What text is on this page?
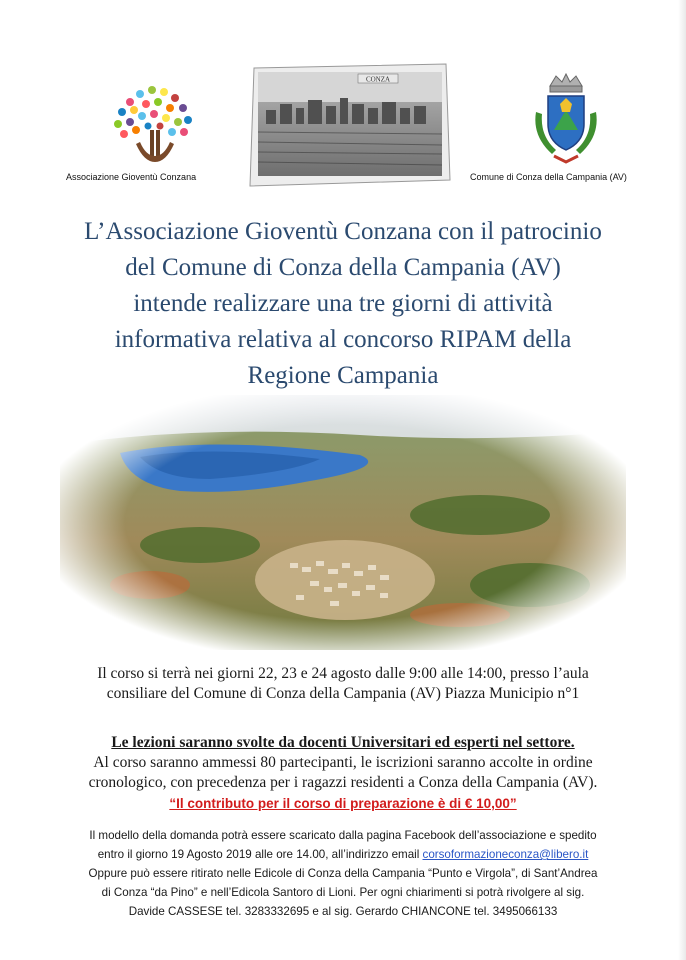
Associazione Gioventù Conzana
CONZA
Comune di Conza della Campania (AV)
L’Associazione Gioventù Conzana con il patrocinio
del Comune di Conza della Campania (AV)
intende realizzare una tre giorni di attività
informativa relativa al concorso RIPAM della
Regione Campania
Il corso si terrà nei giorni 22, 23 e 24 agosto dalle 9:00 alle 14:00, presso l’aula
consiliare del Comune di Conza della Campania (AV) Piazza Municipio n°1
Le lezioni saranno svolte da docenti Universitari ed esperti nel settore.
Al corso saranno ammessi 80 partecipanti, le iscrizioni saranno accolte in ordine
cronologico, con precedenza per i ragazzi residenti a Conza della Campania (AV).
“Il contributo per il corso di preparazione è di € 10,00”
Il modello della domanda potrà essere scaricato dalla pagina Facebook dell’associazione e spedito
entro il giorno 19 Agosto 2019 alle ore 14.00, all’indirizzo email corsoformazioneconza@libero.it
Oppure può essere ritirato nelle Edicole di Conza della Campania “Punto e Virgola”, di Sant’Andrea
di Conza “da Pino” e nell’Edicola Santoro di Lioni. Per ogni chiarimenti si potrà rivolgere al sig.
Davide CASSESE tel. 3283332695 e al sig. Gerardo CHIANCONE tel. 3495066133
